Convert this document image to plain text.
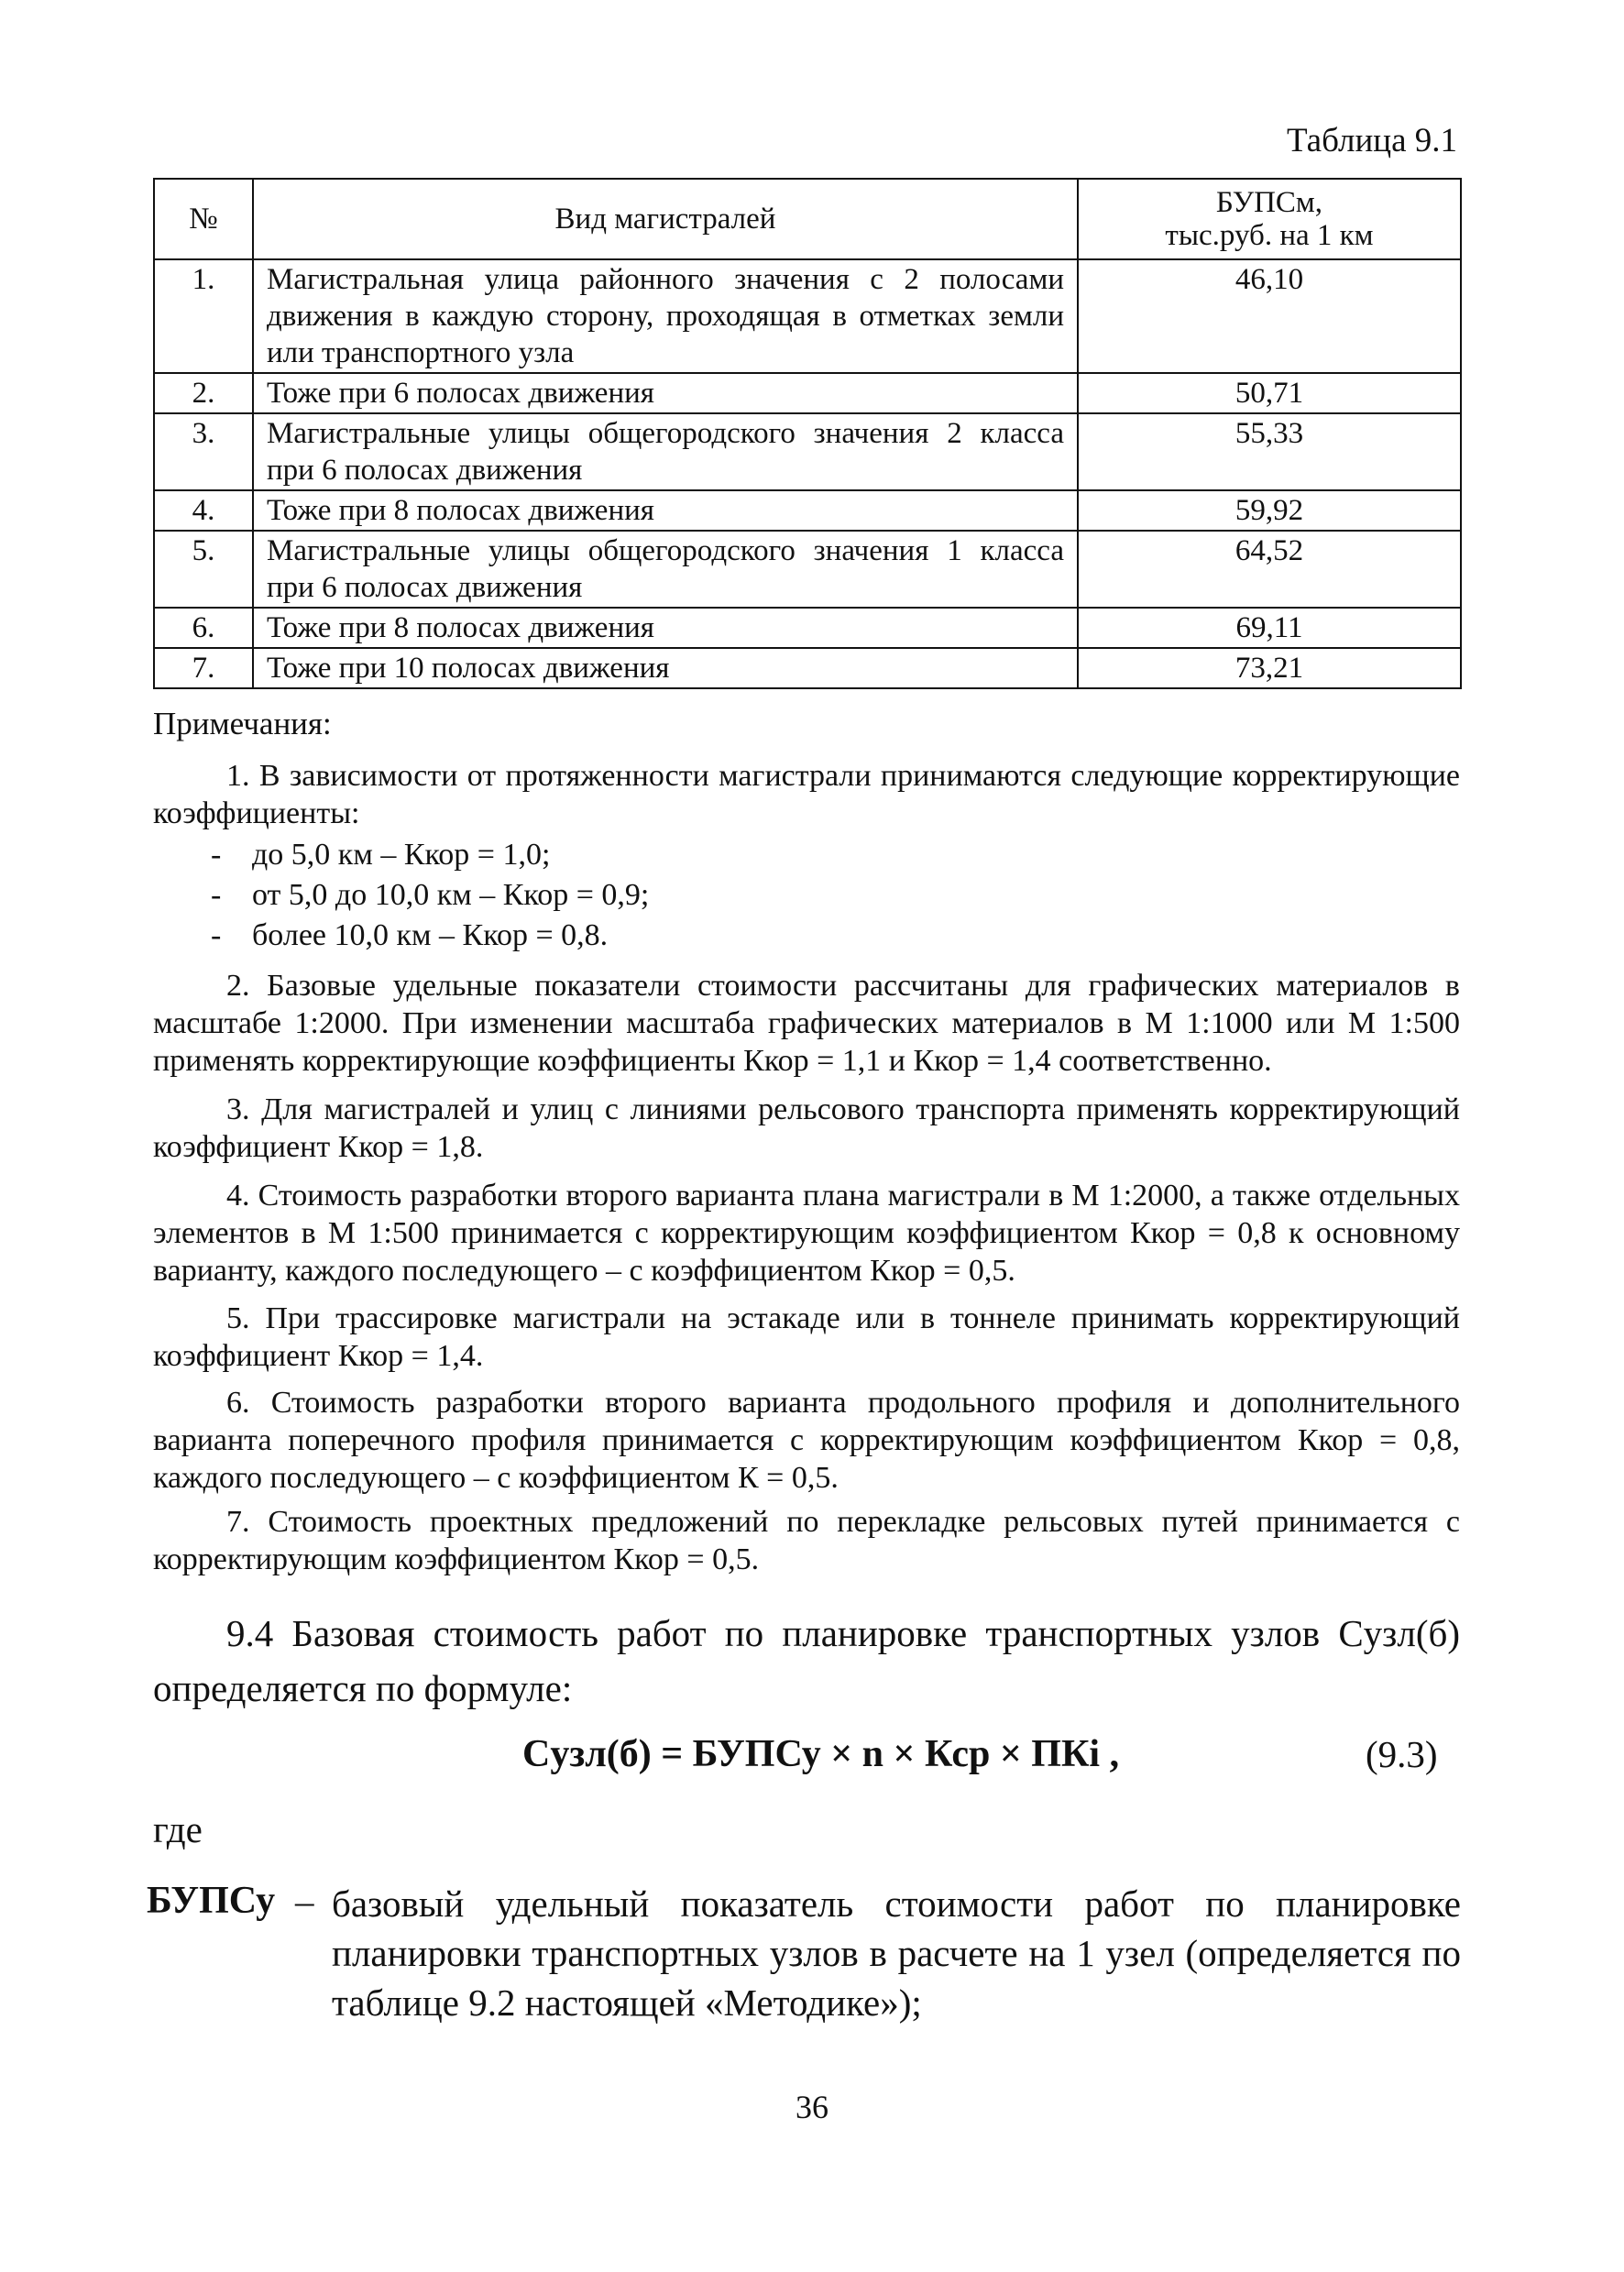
Таблица 9.1
№	Вид магистралей	БУПСм,
тыс.руб. на 1 км

1.	Магистральная улица районного значения с 2 полосами движения в каждую сторону, проходящая в отметках земли или транспортного узла	46,10
2.	Тоже при 6 полосах движения	50,71
3.	Магистральные улицы общегородского значения 2 класса при 6 полосах движения	55,33
4.	Тоже при 8 полосах движения	59,92
5.	Магистральные улицы общегородского значения 1 класса при 6 полосах движения	64,52
6.	Тоже при 8 полосах движения	69,11
7.	Тоже при 10 полосах движения	73,21
Примечания:
1. В зависимости от протяженности магистрали принимаются следующие корректирующие коэффициенты:
- до 5,0 км – Ккор = 1,0;
- от 5,0 до 10,0 км – Ккор = 0,9;
- более 10,0 км – Ккор = 0,8.
2. Базовые удельные показатели стоимости рассчитаны для графических материалов в масштабе 1:2000. При изменении масштаба графических материалов в М 1:1000 или М 1:500 применять корректирующие коэффициенты Ккор = 1,1 и Ккор = 1,4 соответственно.
3. Для магистралей и улиц с линиями рельсового транспорта применять корректирующий коэффициент Ккор = 1,8.
4. Стоимость разработки второго варианта плана магистрали в М 1:2000, а также отдельных элементов в М 1:500 принимается с корректирующим коэффициентом Ккор = 0,8 к основному варианту, каждого последующего – с коэффициентом Ккор = 0,5.
5. При трассировке магистрали на эстакаде или в тоннеле принимать корректирующий коэффициент Ккор = 1,4.
6. Стоимость разработки второго варианта продольного профиля и дополнительного варианта поперечного профиля принимается с корректирующим коэффициентом Ккор = 0,8, каждого последующего – с коэффициентом К = 0,5.
7. Стоимость проектных предложений по перекладке рельсовых путей принимается с корректирующим коэффициентом Ккор = 0,5.
9.4 Базовая стоимость работ по планировке транспортных узлов Cузл(б) определяется по формуле:
Cузл(б) = БУПСу × n × Кср × ПКi ,	(9.3)
где
БУПСу – базовый удельный показатель стоимости работ по планировке планировки транспортных узлов в расчете на 1 узел (определяется по таблице 9.2 настоящей «Методике»);
36
